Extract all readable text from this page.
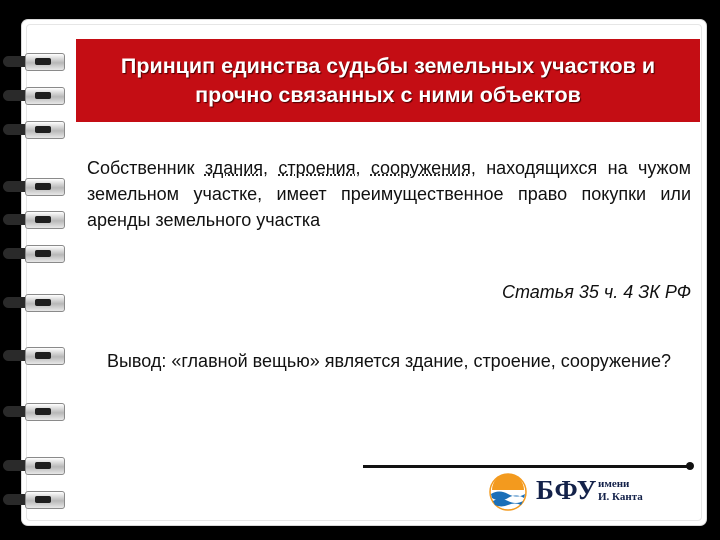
Принцип единства судьбы земельных участков и прочно связанных с ними объектов

Собственник здания, строения, сооружения, находящихся на чужом земельном участке, имеет преимущественное право покупки или аренды земельного участка

Статья 35 ч. 4 ЗК РФ
Вывод: «главной вещью» является здание, строение, сооружение?
БФУ имени
И. Канта
